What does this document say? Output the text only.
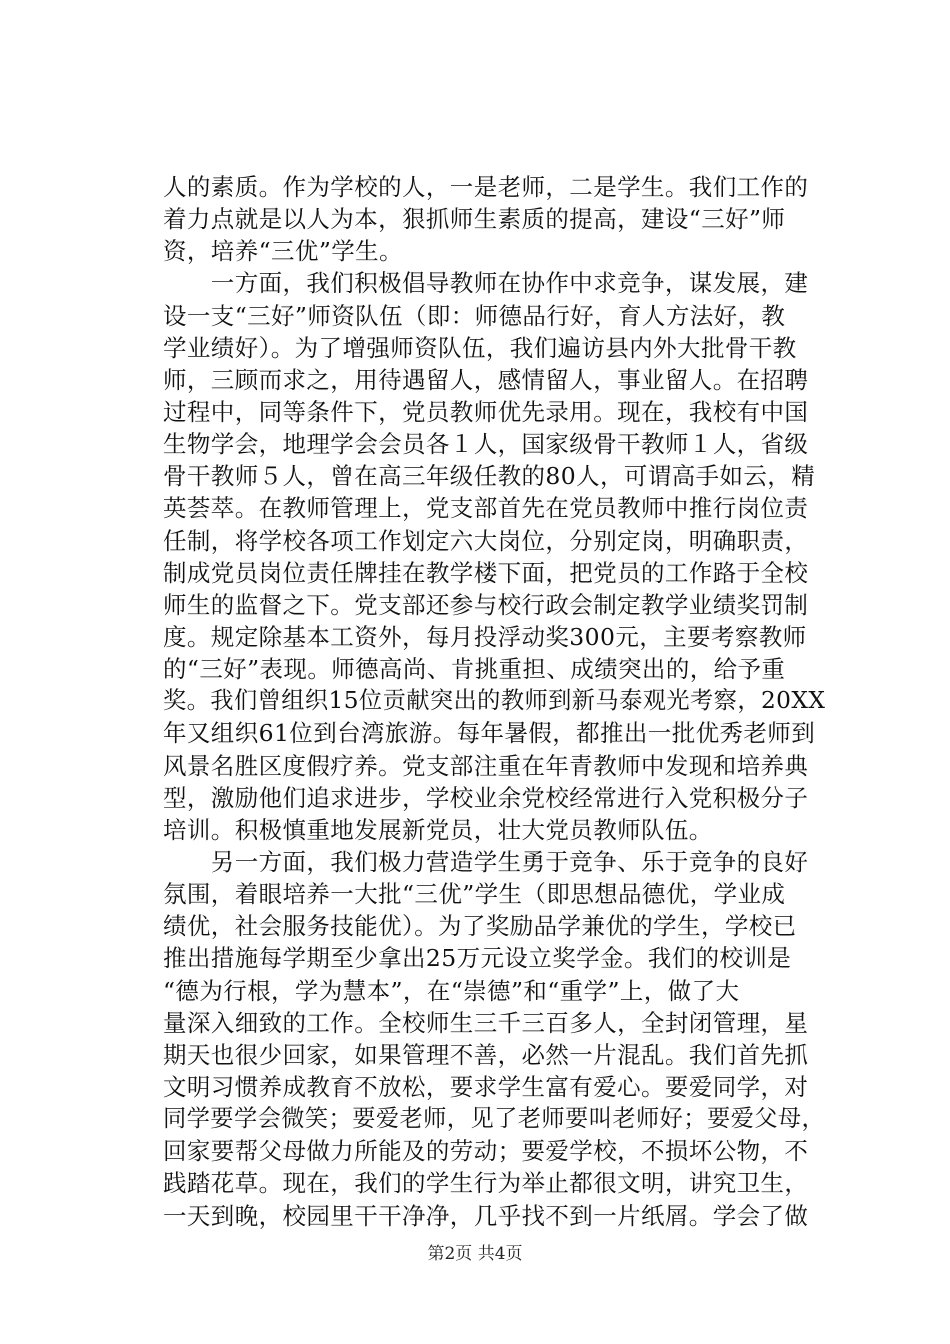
人的素质。作为学校的人，一是老师，二是学生。我们工作的
着力点就是以人为本，狠抓师生素质的提高，建设“三好”师
资，培养“三优”学生。
　　一方面，我们积极倡导教师在协作中求竞争，谋发展，建
设一支“三好”师资队伍（即：师德品行好，育人方法好，教
学业绩好）。为了增强师资队伍，我们遍访县内外大批骨干教
师，三顾而求之，用待遇留人，感情留人，事业留人。在招聘
过程中，同等条件下，党员教师优先录用。现在，我校有中国
生物学会，地理学会会员各１人，国家级骨干教师１人，省级
骨干教师５人，曾在高三年级任教的80人，可谓高手如云，精
英荟萃。在教师管理上，党支部首先在党员教师中推行岗位责
任制，将学校各项工作划定六大岗位，分别定岗，明确职责，
制成党员岗位责任牌挂在教学楼下面，把党员的工作路于全校
师生的监督之下。党支部还参与校行政会制定教学业绩奖罚制
度。规定除基本工资外，每月投浮动奖300元，主要考察教师
的“三好”表现。师德高尚、肯挑重担、成绩突出的，给予重
奖。我们曾组织15位贡献突出的教师到新马泰观光考察，20XX
年又组织61位到台湾旅游。每年暑假，都推出一批优秀老师到
风景名胜区度假疗养。党支部注重在年青教师中发现和培养典
型，激励他们追求进步，学校业余党校经常进行入党积极分子
培训。积极慎重地发展新党员，壮大党员教师队伍。
　　另一方面，我们极力营造学生勇于竞争、乐于竞争的良好
氛围，着眼培养一大批“三优”学生（即思想品德优，学业成
绩优，社会服务技能优）。为了奖励品学兼优的学生，学校已
推出措施每学期至少拿出25万元设立奖学金。我们的校训是
“德为行根，学为慧本”，在“崇德”和“重学”上，做了大
量深入细致的工作。全校师生三千三百多人，全封闭管理，星
期天也很少回家，如果管理不善，必然一片混乱。我们首先抓
文明习惯养成教育不放松，要求学生富有爱心。要爱同学，对
同学要学会微笑；要爱老师，见了老师要叫老师好；要爱父母，
回家要帮父母做力所能及的劳动；要爱学校，不损坏公物，不
践踏花草。现在，我们的学生行为举止都很文明，讲究卫生，
一天到晚，校园里干干净净，几乎找不到一片纸屑。学会了做
第2页 共4页
